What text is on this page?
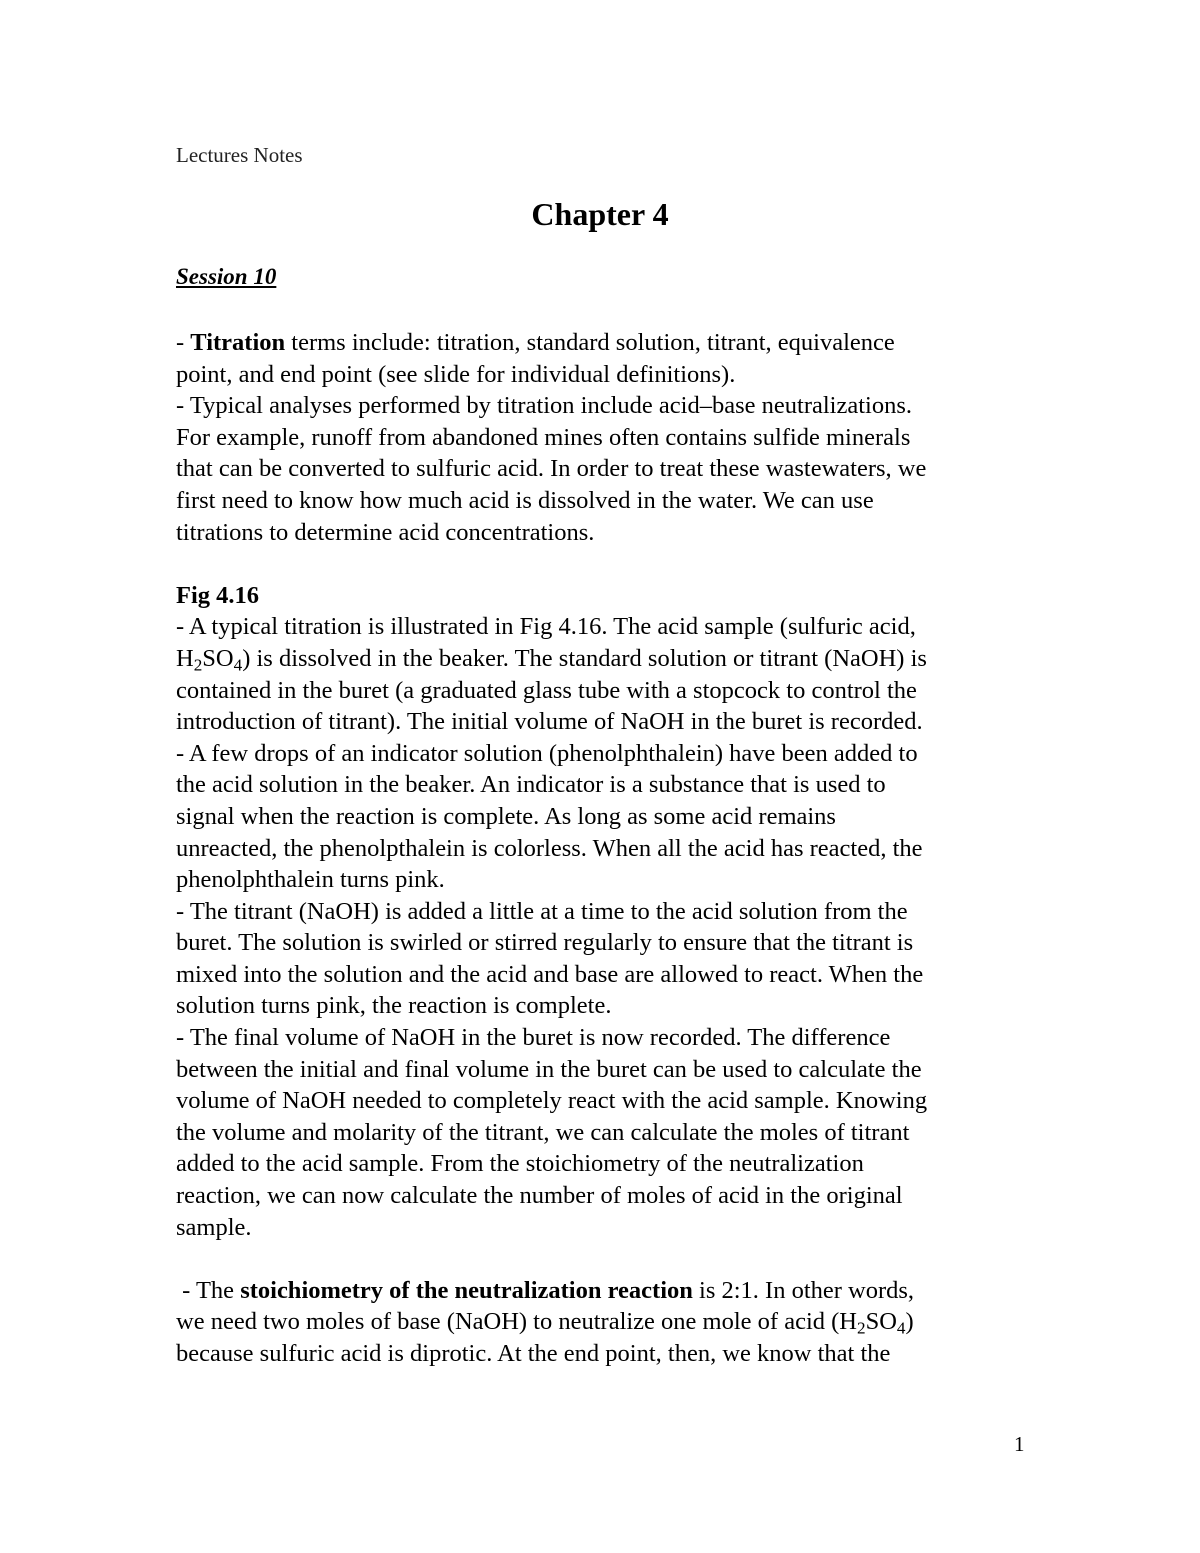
Lectures Notes
Chapter 4
Session 10

- Titration terms include: titration, standard solution, titrant, equivalence
point, and end point (see slide for individual definitions).
- Typical analyses performed by titration include acid–base neutralizations.
For example, runoff from abandoned mines often contains sulfide minerals
that can be converted to sulfuric acid. In order to treat these wastewaters, we
first need to know how much acid is dissolved in the water. We can use
titrations to determine acid concentrations.

Fig 4.16

- A typical titration is illustrated in Fig 4.16. The acid sample (sulfuric acid,
$H_2SO_4$) is dissolved in the beaker. The standard solution or titrant (NaOH) is
contained in the buret (a graduated glass tube with a stopcock to control the
introduction of titrant). The initial volume of NaOH in the buret is recorded.
- A few drops of an indicator solution (phenolphthalein) have been added to
the acid solution in the beaker. An indicator is a substance that is used to
signal when the reaction is complete. As long as some acid remains
unreacted, the phenolpthalein is colorless. When all the acid has reacted, the
phenolphthalein turns pink.
- The titrant (NaOH) is added a little at a time to the acid solution from the
buret. The solution is swirled or stirred regularly to ensure that the titrant is
mixed into the solution and the acid and base are allowed to react. When the
solution turns pink, the reaction is complete.
- The final volume of NaOH in the buret is now recorded. The difference
between the initial and final volume in the buret can be used to calculate the
volume of NaOH needed to completely react with the acid sample. Knowing
the volume and molarity of the titrant, we can calculate the moles of titrant
added to the acid sample. From the stoichiometry of the neutralization
reaction, we can now calculate the number of moles of acid in the original
sample.

- The stoichiometry of the neutralization reaction is 2:1. In other words,
we need two moles of base (NaOH) to neutralize one mole of acid $(H_2SO_4)$
because sulfuric acid is diprotic. At the end point, then, we know that the

1
